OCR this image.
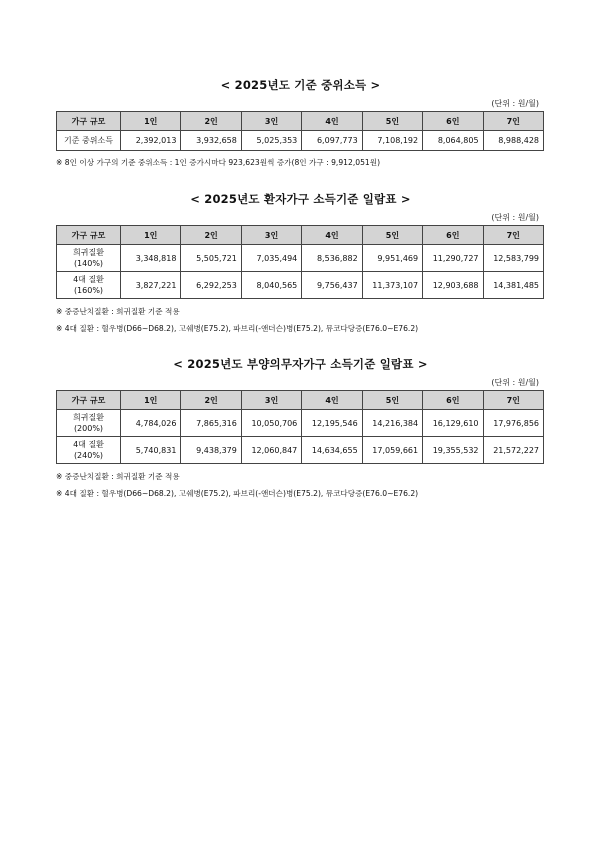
< 2025년도 기준 중위소득 >
(단위 : 원/월)
가구 규모	1인	2인	3인	4인	5인	6인	7인
기준 중위소득	2,392,013	3,932,658	5,025,353	6,097,773	7,108,192	8,064,805	8,988,428
※ 8인 이상 가구의 기준 중위소득 : 1인 증가시마다 923,623원씩 증가(8인 가구 : 9,912,051원)
< 2025년도 환자가구 소득기준 일람표 >
(단위 : 원/월)
가구 규모	1인	2인	3인	4인	5인	6인	7인
희귀질환
(140%)	3,348,818	5,505,721	7,035,494	8,536,882	9,951,469	11,290,727	12,583,799
4대 질환
(160%)	3,827,221	6,292,253	8,040,565	9,756,437	11,373,107	12,903,688	14,381,485
※ 중증난치질환 : 희귀질환 기준 적용
※ 4대 질환 : 혈우병(D66~D68.2), 고쉐병(E75.2), 파브리(-앤더슨)병(E75.2), 뮤코다당증(E76.0~E76.2)
< 2025년도 부양의무자가구 소득기준 일람표 >
(단위 : 원/월)
가구 규모	1인	2인	3인	4인	5인	6인	7인
희귀질환
(200%)	4,784,026	7,865,316	10,050,706	12,195,546	14,216,384	16,129,610	17,976,856
4대 질환
(240%)	5,740,831	9,438,379	12,060,847	14,634,655	17,059,661	19,355,532	21,572,227
※ 중증난치질환 : 희귀질환 기준 적용
※ 4대 질환 : 혈우병(D66~D68.2), 고쉐병(E75.2), 파브리(-앤더슨)병(E75.2), 뮤코다당증(E76.0~E76.2)
